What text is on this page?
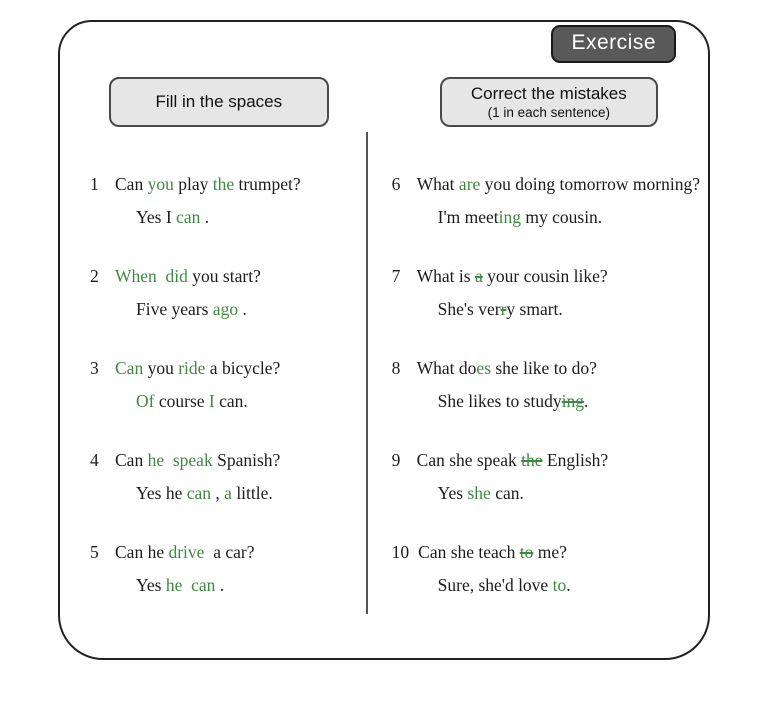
Exercise
Fill in the spaces
1 Can you play the trumpet?
Yes I can .
2 When did you start?
Five years ago .
3 Can you ride a bicycle?
Of course I can.
4 Can he speak Spanish?
Yes he can , a little.
5 Can he drive  a car?
Yes he can .
Correct the mistakes
(1 in each sentence)
6 What are you doing tomorrow morning?
I'm meeting my cousin.
7 What is a your cousin like?
She's verry smart.
8 What does she like to do?
She likes to studying.
9 Can she speak the English?
Yes she can.
10 Can she teach to me?
Sure, she'd love to.
